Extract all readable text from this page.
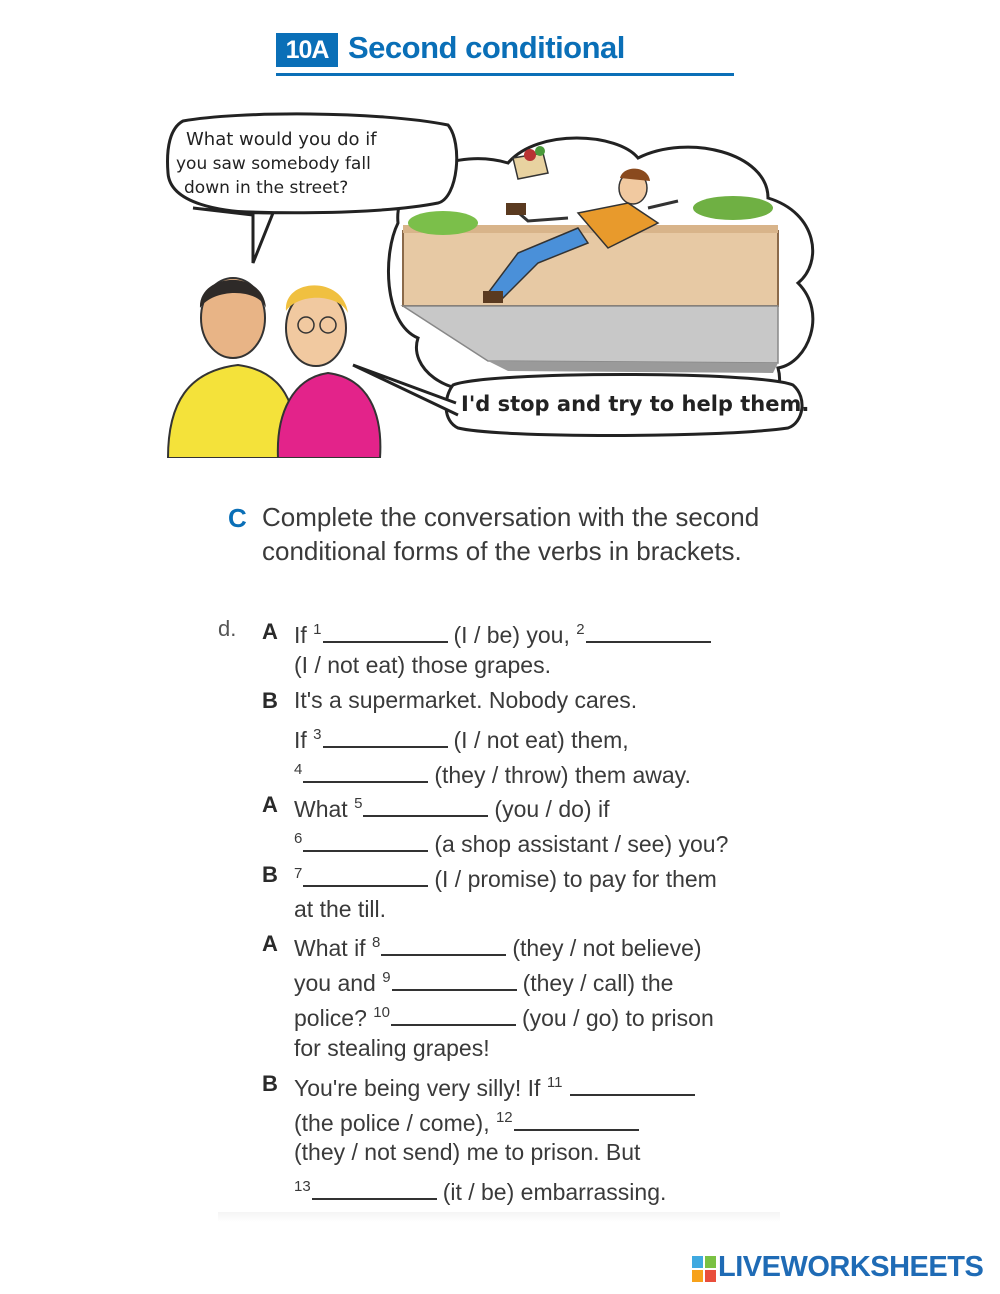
10A Second conditional
What would you do if
you saw somebody fall
down in the street?
I'd stop and try to help them.
C Complete the conversation with the second conditional forms of the verbs in brackets.
d. A
B
A
B
A
B
If $^1$	(I / be) you, $^2$
(I / not eat) those grapes.
It's a supermarket. Nobody cares.
If $^3$	(I / not eat) them,
$^4$	(they / throw) them away.
What $^5$	(you / do) if
$^6$	(a shop assistant / see) you?
$^7$	(I / promise) to pay for them
at the till.
What if $^8$	(they / not believe)
you and $^9$	(they / call) the
police? $^{10}$	(you / go) to prison
for stealing grapes!
You're being very silly! If $^{11}$
(the police / come), $^{12}$
(they / not send) me to prison. But
$^{13}$	(it / be) embarrassing.
LIVEWORKSHEETS
